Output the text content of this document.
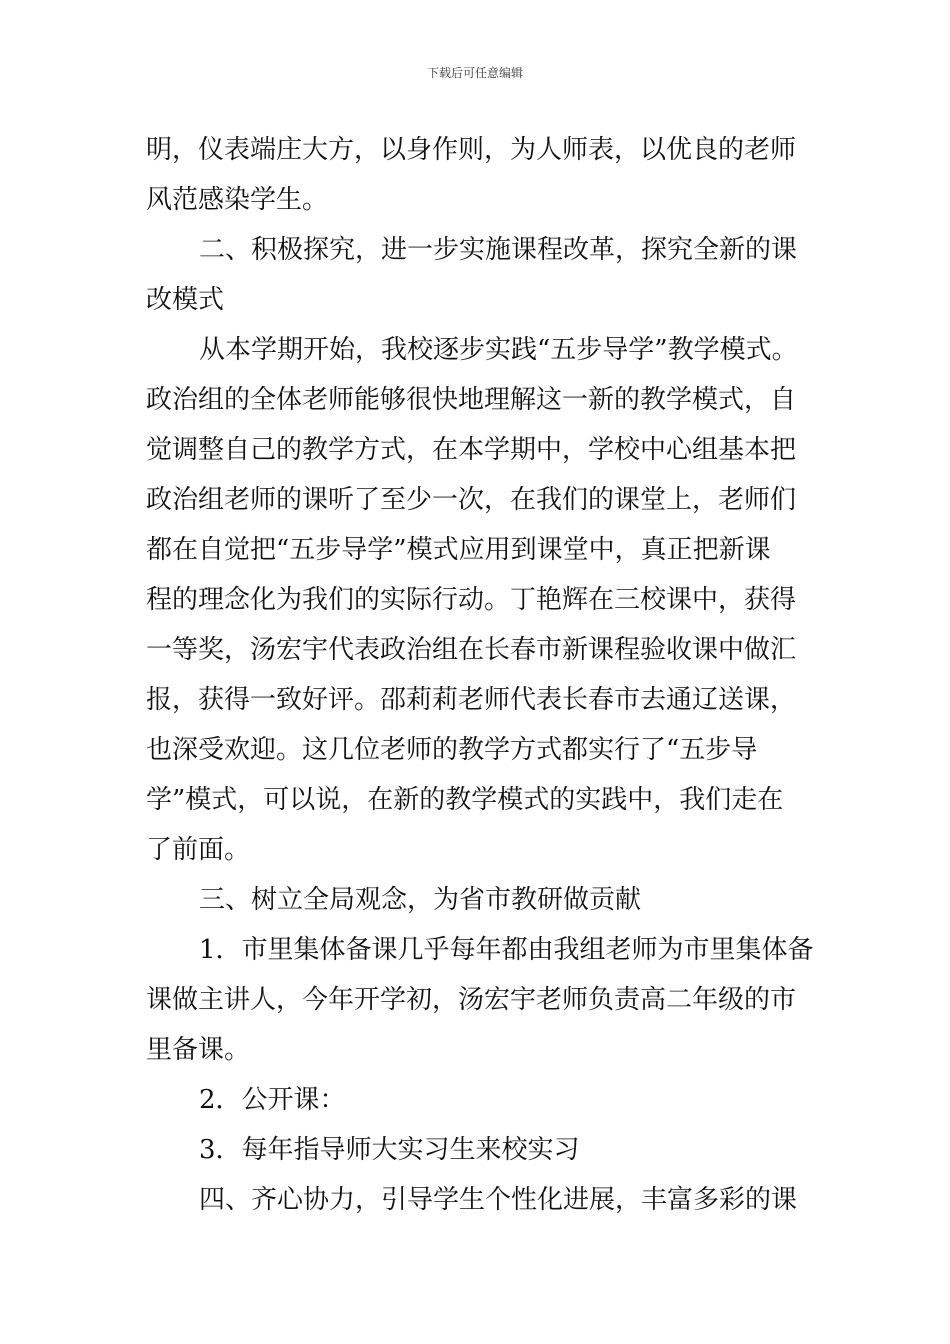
下载后可任意编辑
明，仪表端庄大方，以身作则，为人师表，以优良的老师
风范感染学生。
二、积极探究，进一步实施课程改革，探究全新的课
改模式
从本学期开始，我校逐步实践“五步导学”教学模式。
政治组的全体老师能够很快地理解这一新的教学模式，自
觉调整自己的教学方式，在本学期中，学校中心组基本把
政治组老师的课听了至少一次，在我们的课堂上，老师们
都在自觉把“五步导学”模式应用到课堂中，真正把新课
程的理念化为我们的实际行动。丁艳辉在三校课中，获得
一等奖，汤宏宇代表政治组在长春市新课程验收课中做汇
报，获得一致好评。邵莉莉老师代表长春市去通辽送课，
也深受欢迎。这几位老师的教学方式都实行了“五步导
学”模式，可以说，在新的教学模式的实践中，我们走在
了前面。
三、树立全局观念，为省市教研做贡献
1．市里集体备课几乎每年都由我组老师为市里集体备
课做主讲人，今年开学初，汤宏宇老师负责高二年级的市
里备课。
2．公开课：
3．每年指导师大实习生来校实习
四、齐心协力，引导学生个性化进展，丰富多彩的课
